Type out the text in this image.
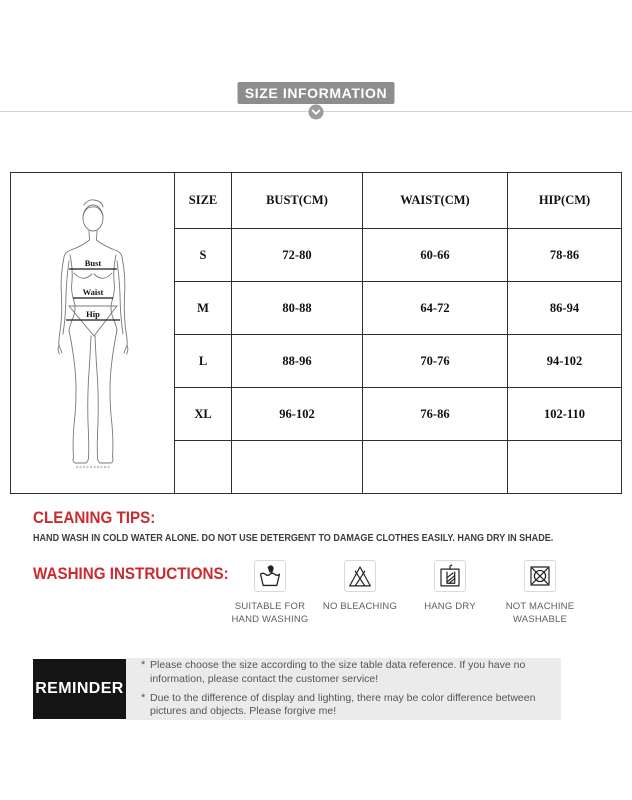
SIZE INFORMATION
Bust
Waist
Hip	SIZE	BUST(CM)	WAIST(CM)	HIP(CM)
	S	72-80	60-66	78-86
	M	80-88	64-72	86-94
	L	88-96	70-76	94-102
	XL	96-102	76-86	102-110

CLEANING TIPS:
HAND WASH IN COLD WATER ALONE. DO NOT USE DETERGENT TO DAMAGE CLOTHES EASILY. HANG DRY IN SHADE.
WASHING INSTRUCTIONS:
SUITABLE FOR HAND WASHING
NO BLEACHING	HANG DRY	NOT MACHINE WASHABLE
REMINDER
* Please choose the size according to the size table data reference. If you have no information, please contact the customer service!
* Due to the difference of display and lighting, there may be color difference between pictures and objects. Please forgive me!
